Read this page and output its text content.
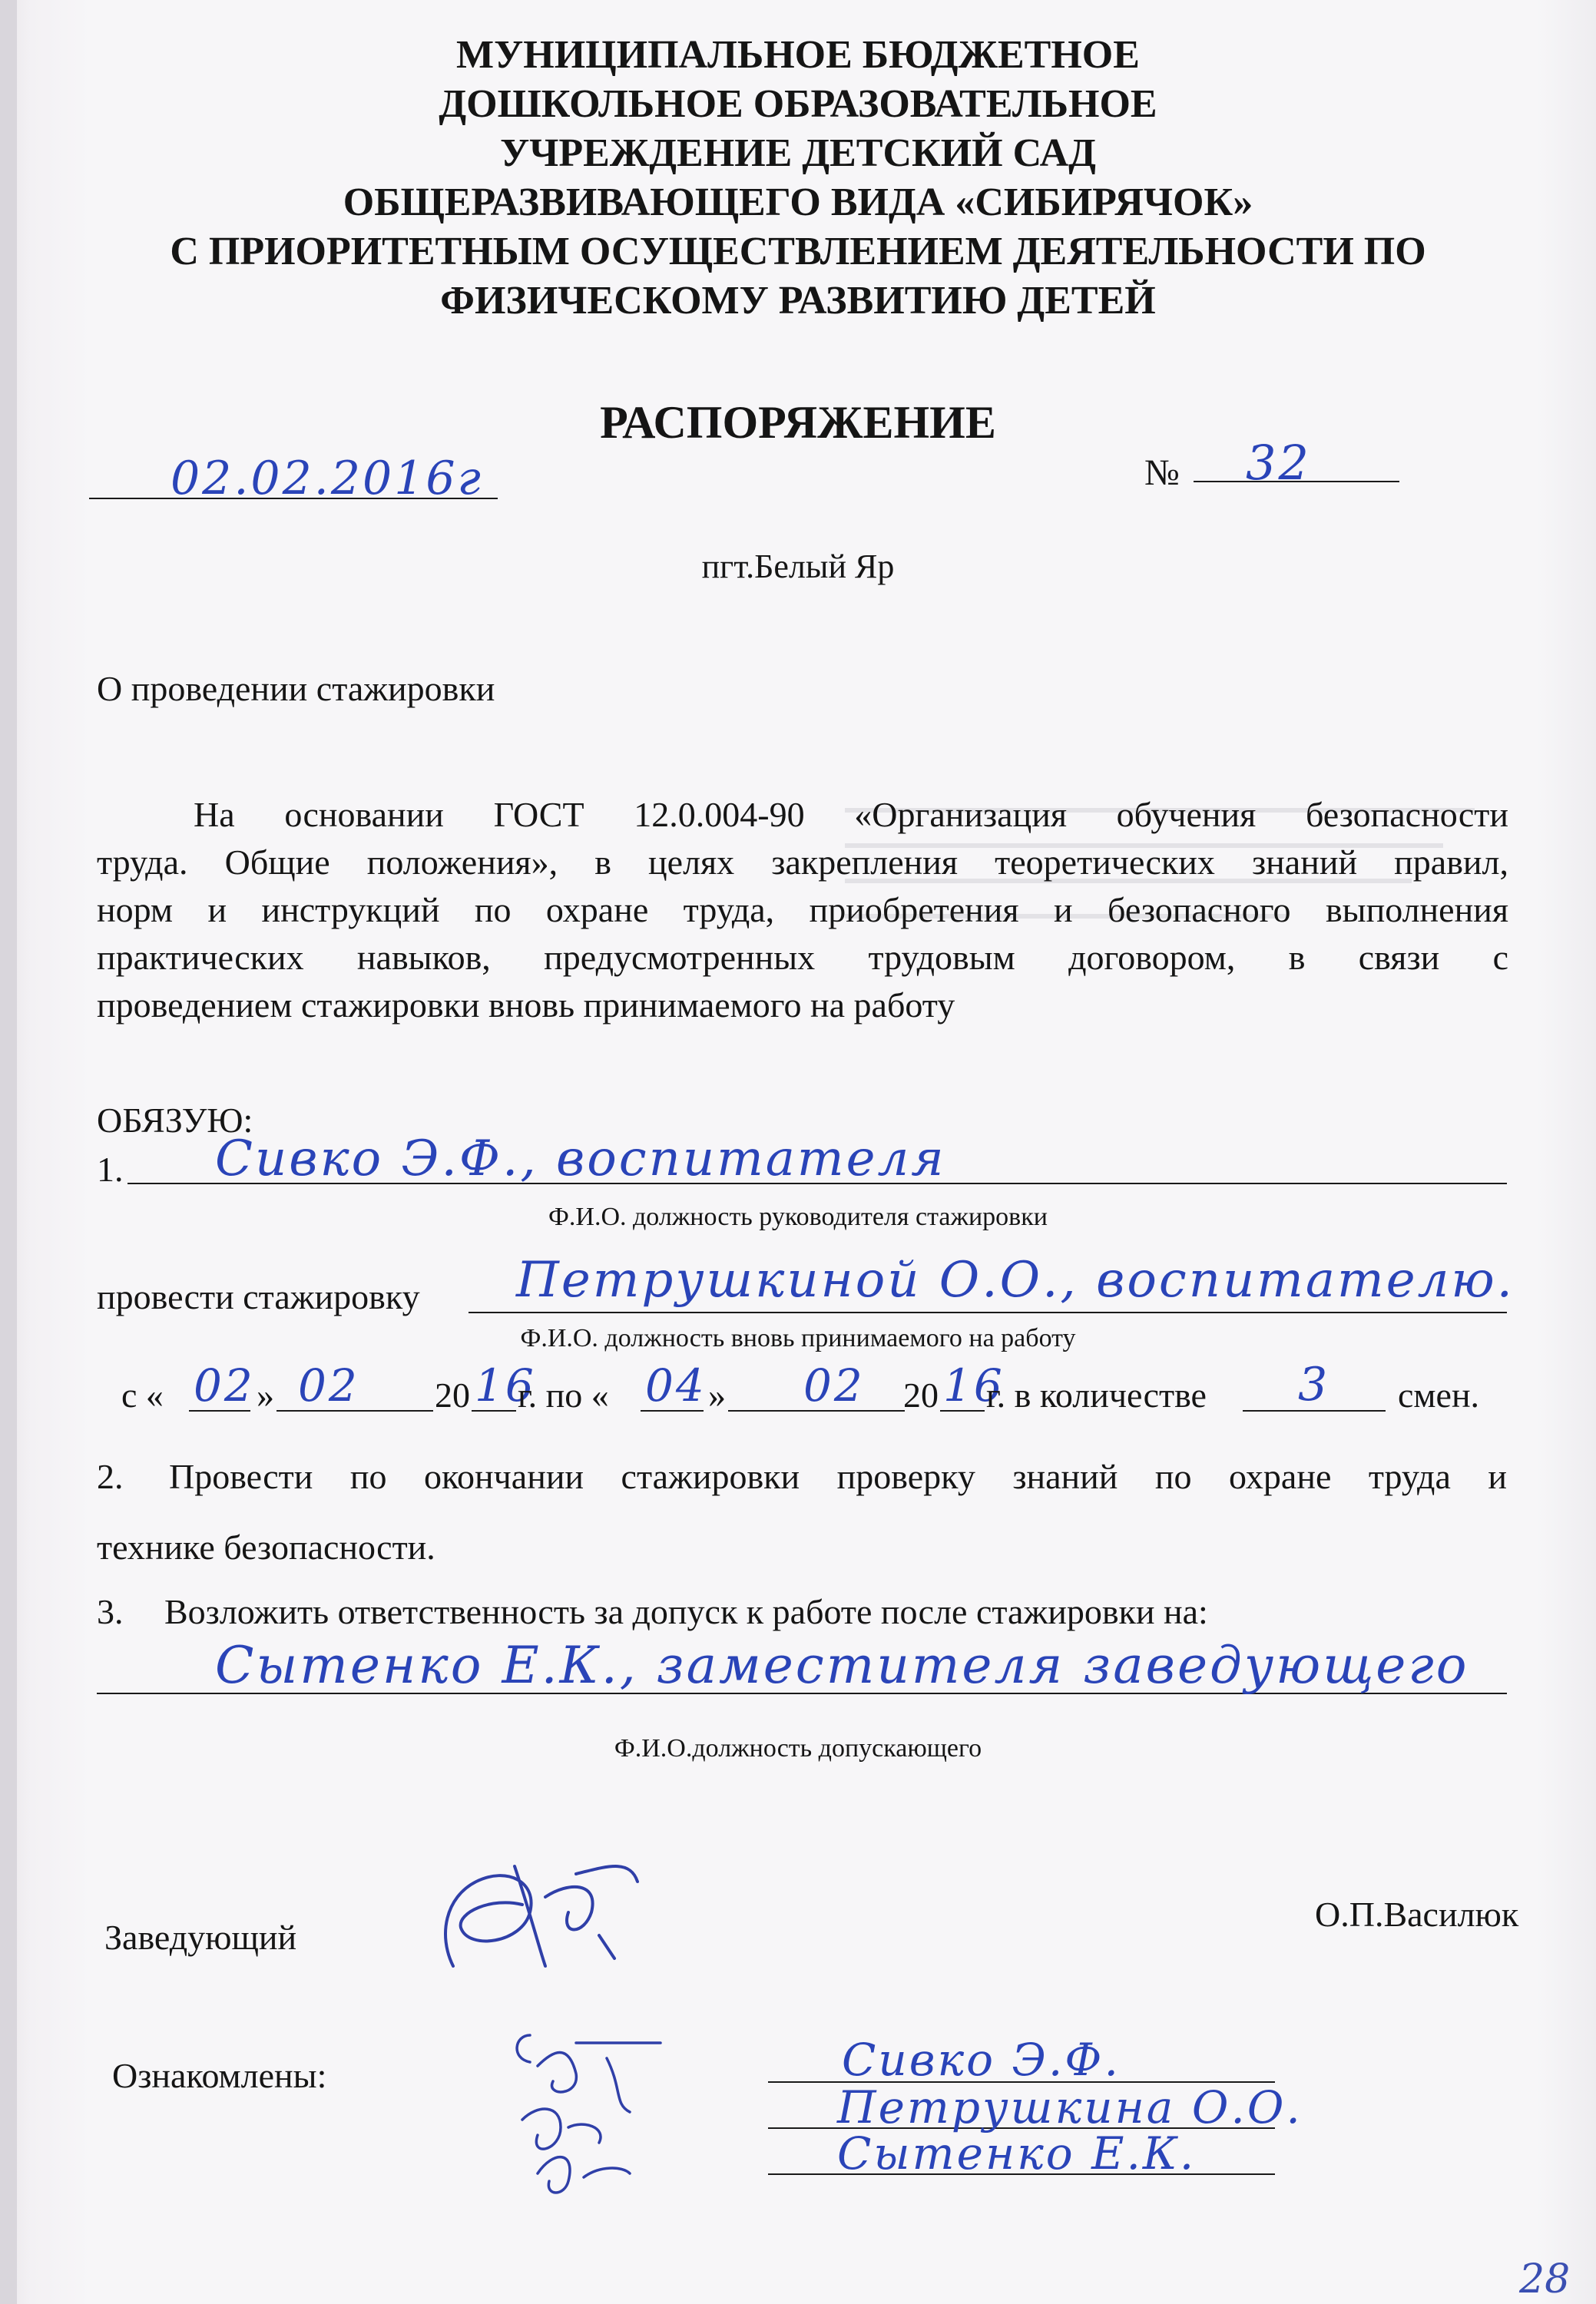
МУНИЦИПАЛЬНОЕ БЮДЖЕТНОЕ
ДОШКОЛЬНОЕ ОБРАЗОВАТЕЛЬНОЕ
УЧРЕЖДЕНИЕ ДЕТСКИЙ САД
ОБЩЕРАЗВИВАЮЩЕГО ВИДА «СИБИРЯЧОК»
С ПРИОРИТЕТНЫМ ОСУЩЕСТВЛЕНИЕМ ДЕЯТЕЛЬНОСТИ ПО
ФИЗИЧЕСКОМУ РАЗВИТИЮ ДЕТЕЙ
РАСПОРЯЖЕНИЕ
02.02.2016г	№ 32
пгт.Белый Яр
О проведении стажировки
На основании ГОСТ 12.0.004-90 «Организация обучения безопасности
труда. Общие положения», в целях закрепления теоретических знаний правил,
норм и инструкций по охране труда, приобретения и безопасного выполнения
практических навыков, предусмотренных трудовым договором, в связи с
проведением стажировки вновь принимаемого на работу
ОБЯЗУЮ:
1. Сивко Э.Ф., воспитателя
Ф.И.О. должность руководителя стажировки
провести стажировку Петрушкиной О.О., воспитателю.
Ф.И.О. должность вновь принимаемого на работу
с « 02 » 02 20 16
г. по « 04 » 02 20 16
г. в количестве 3 смен.
2. Провести по окончании стажировки проверку знаний по охране труда и
технике безопасности.
3. Возложить ответственность за допуск к работе после стажировки на:
Сытенко Е.К., заместителя заведующего
Ф.И.О.должность допускающего
Заведующий
О.П.Василюк
Ознакомлены:	Сивко Э.Ф.
Петрушкина О.О.
Сытенко Е.К.
28
